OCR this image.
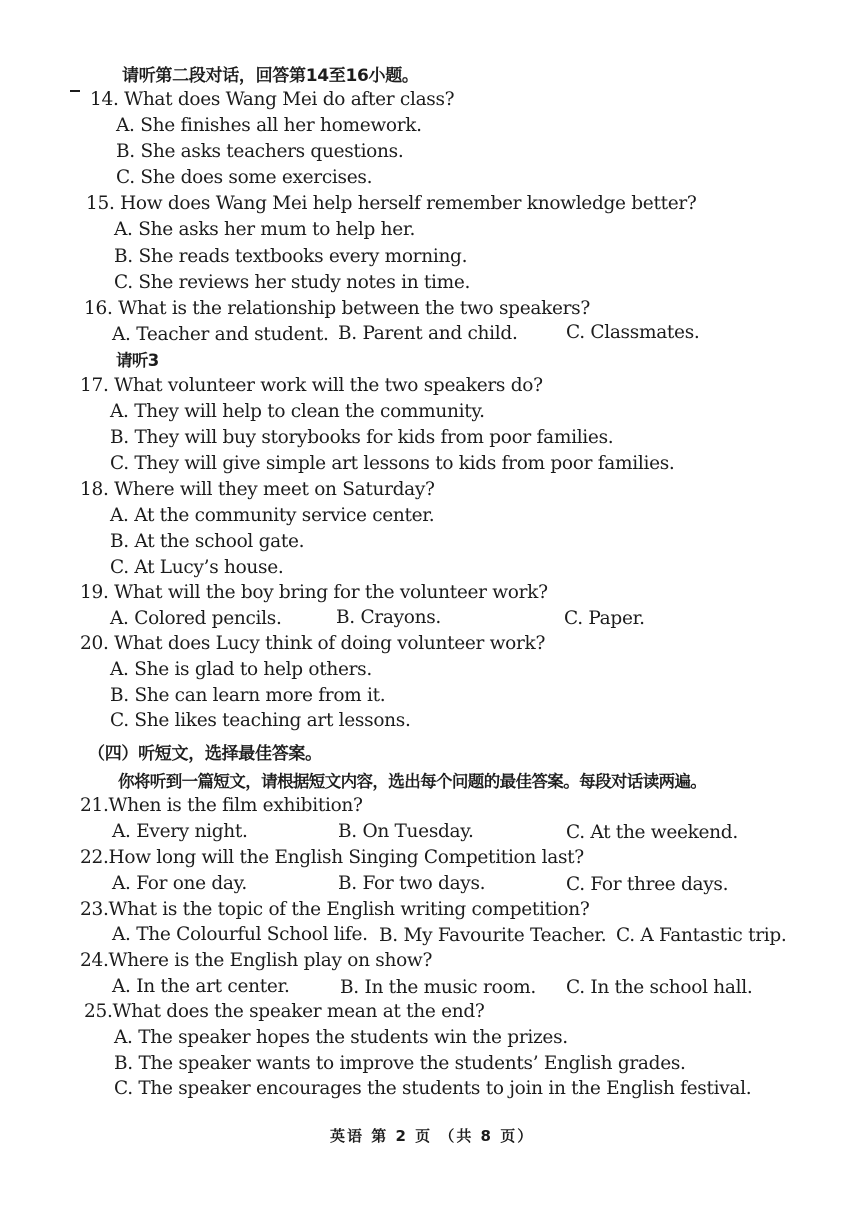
请听第二段对话，回答第14至16小题。
14. What does Wang Mei do after class?
A. She finishes all her homework.
B. She asks teachers questions.
C. She does some exercises.
15. How does Wang Mei help herself remember knowledge better?
A. She asks her mum to help her.
B. She reads textbooks every morning.
C. She reviews her study notes in time.
16. What is the relationship between the two speakers?
A. Teacher and student. B. Parent and child.	C. Classmates.
请听3
17. What volunteer work will the two speakers do?
A. They will help to clean the community.
B. They will buy storybooks for kids from poor families.
C. They will give simple art lessons to kids from poor families.
18. Where will they meet on Saturday?
A. At the community service center.
B. At the school gate.
C. At Lucy’s house.
19. What will the boy bring for the volunteer work?
A. Colored pencils.	B. Crayons.	C. Paper.
20. What does Lucy think of doing volunteer work?
A. She is glad to help others.
B. She can learn more from it.
C. She likes teaching art lessons.
（四）听短文，选择最佳答案。
你将听到一篇短文，请根据短文内容，选出每个问题的最佳答案。每段对话读两遍。
21.When is the film exhibition?
A. Every night.	B. On Tuesday.	C. At the weekend.
22.How long will the English Singing Competition last?
A. For one day.	B. For two days.	C. For three days.
23.What is the topic of the English writing competition?
A. The Colourful School life. B. My Favourite Teacher. C. A Fantastic trip.
24.Where is the English play on show?
A. In the art center.	B. In the music room. C. In the school hall.
25.What does the speaker mean at the end?
A. The speaker hopes the students win the prizes.
B. The speaker wants to improve the students’ English grades.
C. The speaker encourages the students to join in the English festival.
英语 第 2 页 （共 8 页）
